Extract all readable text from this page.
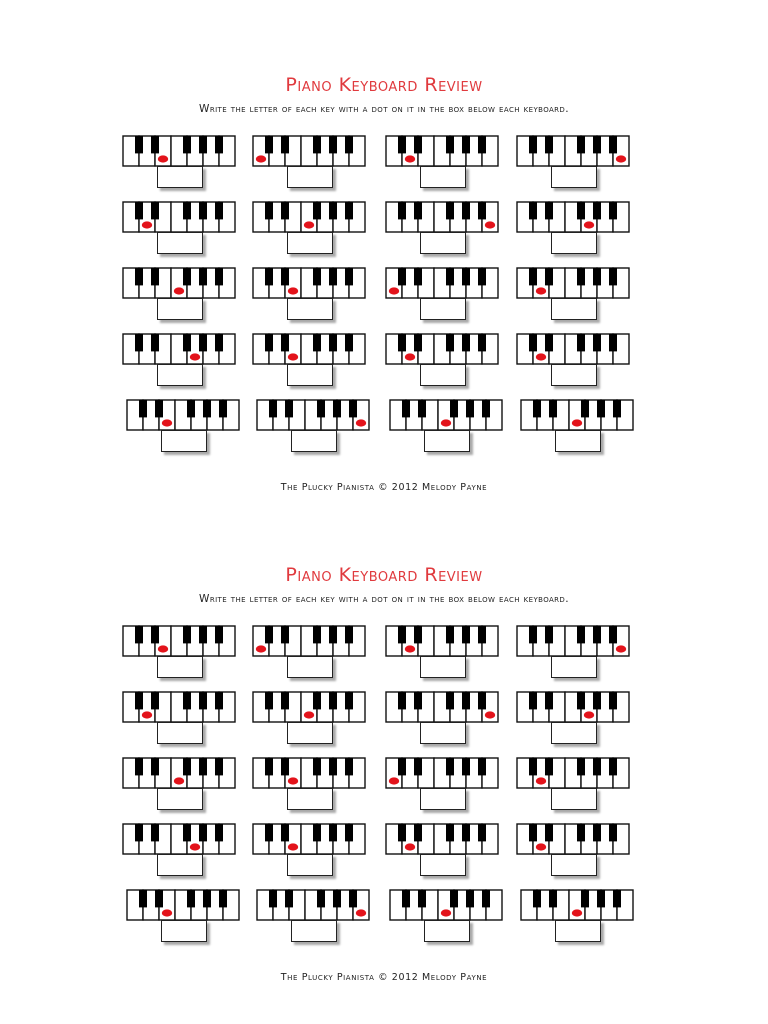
Piano Keyboard Review
Write the letter of each key with a dot on it in the box below each keyboard.
The Plucky Pianista © 2012 Melody Payne
Piano Keyboard Review
Write the letter of each key with a dot on it in the box below each keyboard.
The Plucky Pianista © 2012 Melody Payne
